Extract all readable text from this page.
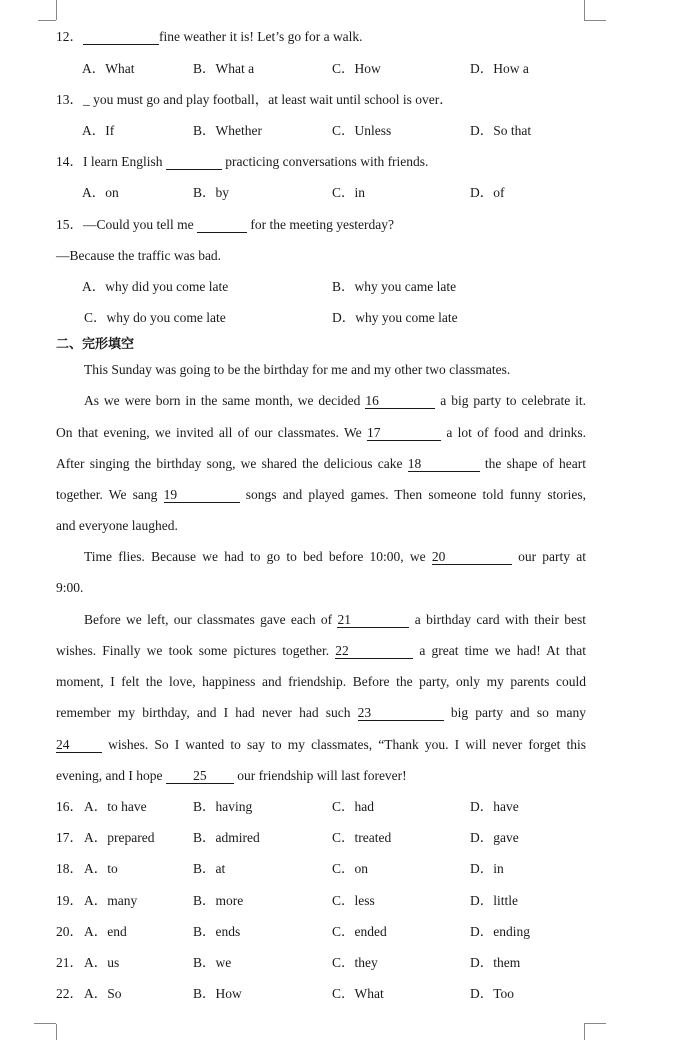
12．	fine weather it is! Let’s go for a walk.
A．What	B．What a	C．How	D．How a
13．_ you must go and play football，at least wait until school is over．
A．If	B．Whether	C．Unless	D．So that
14．I learn English	practicing conversations with friends.
A．on	B．by	C．in	D．of
15．—Could you tell me	for the meeting yesterday?
—Because the traffic was bad.
A．why did you come late	B．why you came late
C．why do you come late	D．why you come late
二、完形填空
This Sunday was going to be the birthday for me and my other two classmates.
As we were born in the same month, we decided 16	a big party to celebrate it.
On that evening, we invited all of our classmates. We 17	a lot of food and drinks.
After singing the birthday song, we shared the delicious cake 18	the shape of heart
together. We sang 19	songs and played games. Then someone told funny stories,
and everyone laughed.
Time flies. Because we had to go to bed before 10:00, we 20	our party at
9:00.
Before we left, our classmates gave each of 21	a birthday card with their best
wishes. Finally we took some pictures together. 22	a great time we had! At that
moment, I felt the love, happiness and friendship. Before the party, only my parents could
remember my birthday, and I had never had such 23	big party and so many
24 wishes. So I wanted to say to my classmates, “Thank you. I will never forget this
evening, and I hope 25 our friendship will last forever!
16． A．to have	B．having	C．had	D．have
17． A．prepared	B．admired	C．treated	D．gave
18． A．to	B．at	C．on	D．in
19． A．many	B．more	C．less	D．little
20． A．end	B．ends	C．ended	D．ending
21． A．us	B．we	C．they	D．them
22． A．So	B．How	C．What	D．Too
